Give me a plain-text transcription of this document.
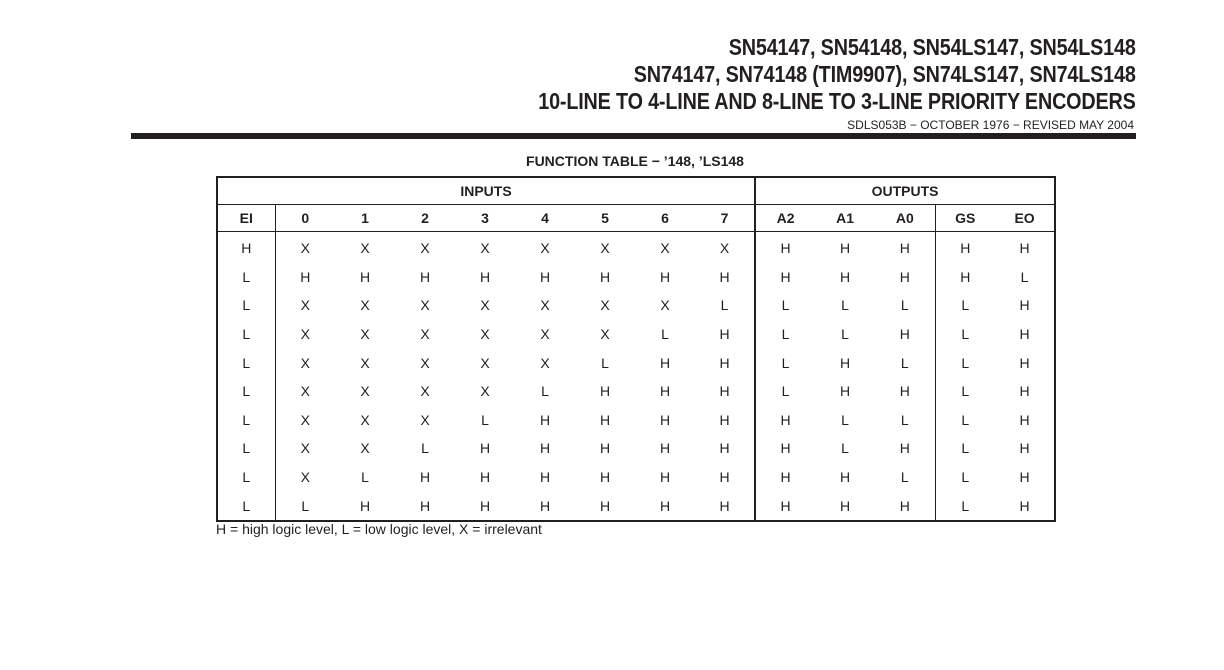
SN54147, SN54148, SN54LS147, SN54LS148
SN74147, SN74148 (TIM9907), SN74LS147, SN74LS148
10-LINE TO 4-LINE AND 8-LINE TO 3-LINE PRIORITY ENCODERS
SDLS053B − OCTOBER 1976 − REVISED MAY 2004
FUNCTION TABLE − ’148, ’LS148
INPUTS									OUTPUTS				
EI	0	1	2	3	4	5	6	7	A2	A1	A0	GS	EO
H	X	X	X	X	X	X	X	X	H	H	H	H	H
L	H	H	H	H	H	H	H	H	H	H	H	H	L
L	X	X	X	X	X	X	X	L	L	L	L	L	H
L	X	X	X	X	X	X	L	H	L	L	H	L	H
L	X	X	X	X	X	L	H	H	L	H	L	L	H
L	X	X	X	X	L	H	H	H	L	H	H	L	H
L	X	X	X	L	H	H	H	H	H	L	L	L	H
L	X	X	L	H	H	H	H	H	H	L	H	L	H
L	X	L	H	H	H	H	H	H	H	H	L	L	H
L	L	H	H	H	H	H	H	H	H	H	H	L	H
H = high logic level, L = low logic level, X = irrelevant
